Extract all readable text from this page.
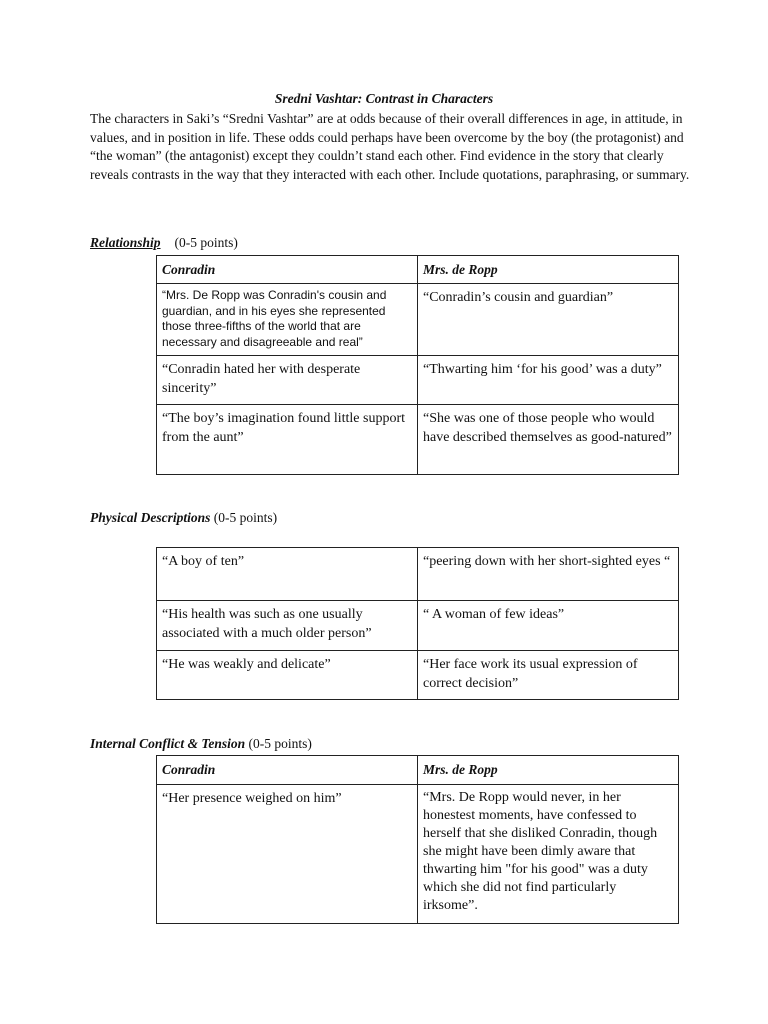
Sredni Vashtar: Contrast in Characters
The characters in Saki’s “Sredni Vashtar” are at odds because of their overall differences in age, in attitude, in values, and in position in life. These odds could perhaps have been overcome by the boy (the protagonist) and “the woman” (the antagonist) except they couldn’t stand each other. Find evidence in the story that clearly reveals contrasts in the way that they interacted with each other. Include quotations, paraphrasing, or summary.
Relationship (0-5 points)
Conradin	Mrs. de Ropp
“Mrs. De Ropp was Conradin's cousin and guardian, and in his eyes she represented those three-fifths of the world that are necessary and disagreeable and real”	“Conradin’s cousin and guardian”
“Conradin hated her with desperate sincerity”	“Thwarting him ‘for his good’ was a duty”
“The boy’s imagination found little support from the aunt”	“She was one of those people who would have described themselves as good-natured”
Physical Descriptions (0-5 points)
“A boy of ten”	“peering down with her short-sighted eyes “
“His health was such as one usually associated with a much older person”	“ A woman of few ideas”
“He was weakly and delicate”	“Her face work its usual expression of correct decision”
Internal Conflict & Tension (0-5 points)
Conradin	Mrs. de Ropp
“Her presence weighed on him”	“Mrs. De Ropp would never, in her honestest moments, have confessed to herself that she disliked Conradin, though she might have been dimly aware that thwarting him "for his good" was a duty which she did not find particularly irksome”.
